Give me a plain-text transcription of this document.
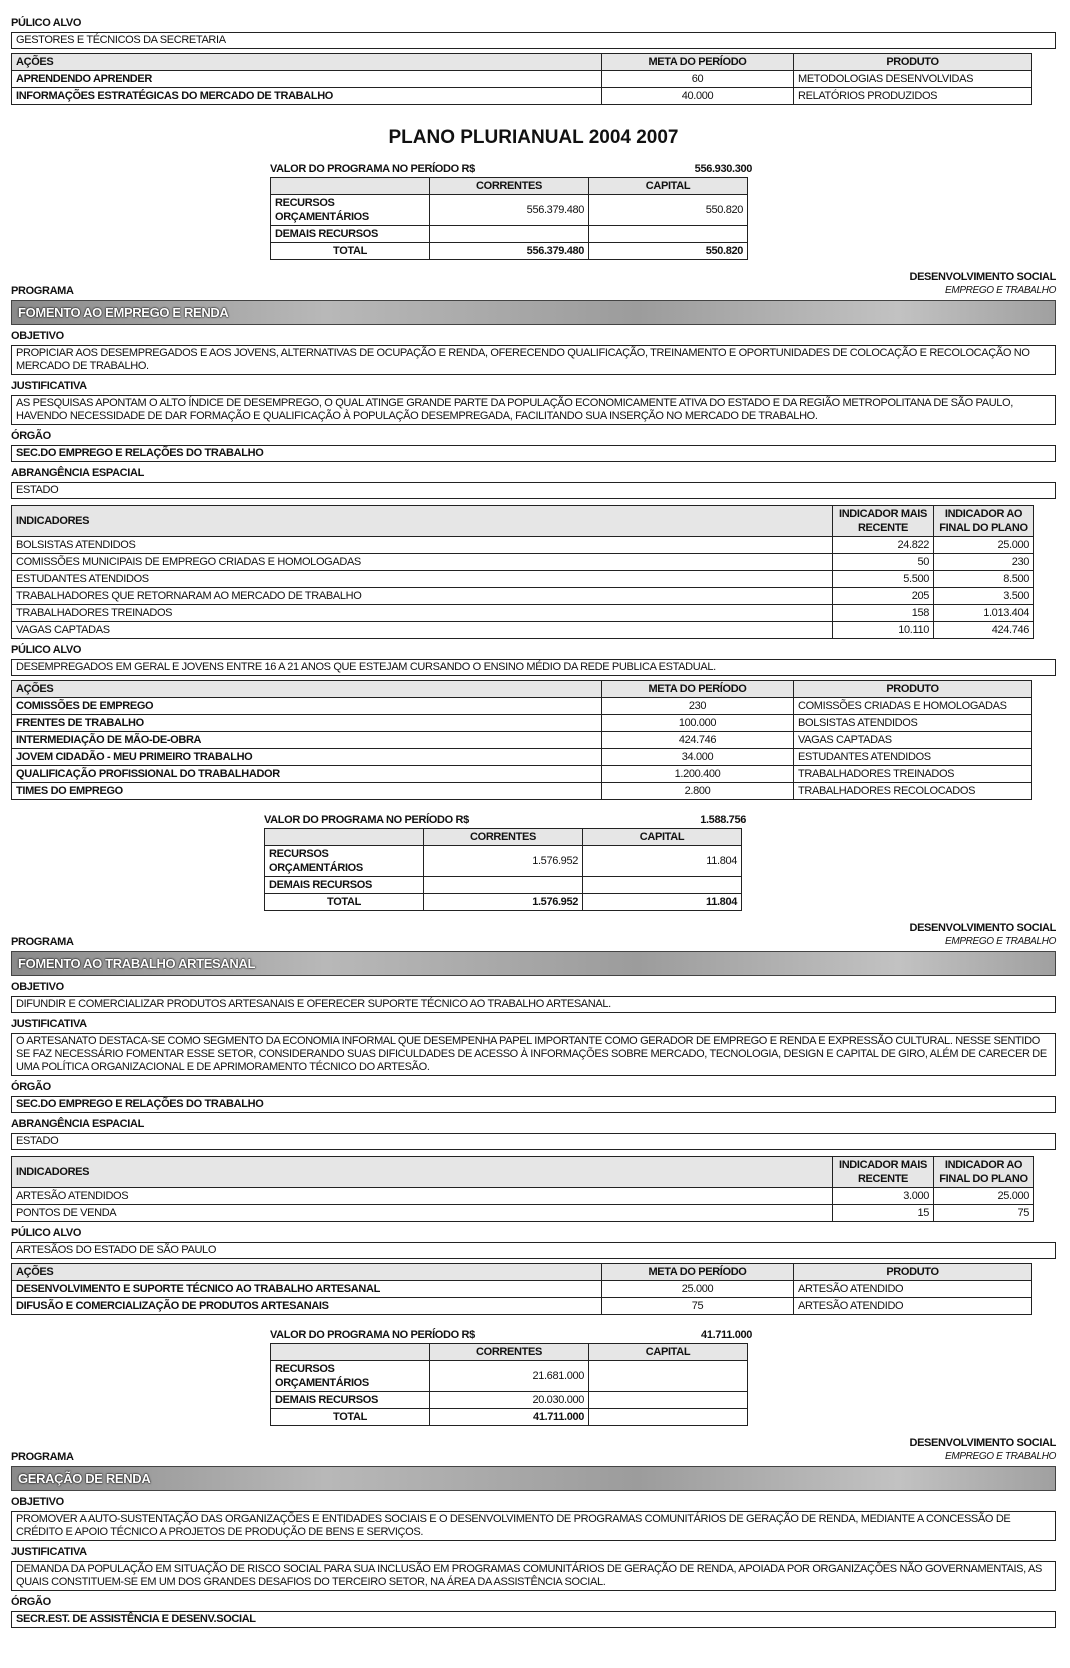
PÚLICO ALVO
GESTORES E TÉCNICOS DA SECRETARIA
AÇÕES	META DO PERÍODO	PRODUTO
APRENDENDO APRENDER	60	METODOLOGIAS DESENVOLVIDAS
INFORMAÇÕES ESTRATÉGICAS DO MERCADO DE TRABALHO	40.000	RELATÓRIOS PRODUZIDOS
PLANO PLURIANUAL 2004 2007
VALOR DO PROGRAMA NO PERÍODO R$	556.930.300
	CORRENTES	CAPITAL
RECURSOS ORÇAMENTÁRIOS	556.379.480	550.820
DEMAIS RECURSOS		
TOTAL	556.379.480	550.820
PROGRAMA
DESENVOLVIMENTO SOCIAL
EMPREGO E TRABALHO
FOMENTO AO EMPREGO E RENDA
OBJETIVO
PROPICIAR AOS DESEMPREGADOS E AOS JOVENS, ALTERNATIVAS DE OCUPAÇÃO E RENDA, OFERECENDO QUALIFICAÇÃO, TREINAMENTO E OPORTUNIDADES DE COLOCAÇÃO E RECOLOCAÇÃO NO MERCADO DE TRABALHO.
JUSTIFICATIVA
AS PESQUISAS APONTAM O ALTO ÍNDICE DE DESEMPREGO, O QUAL ATINGE GRANDE PARTE DA POPULAÇÃO ECONOMICAMENTE ATIVA DO ESTADO E DA REGIÃO METROPOLITANA DE SÃO PAULO, HAVENDO NECESSIDADE DE DAR FORMAÇÃO E QUALIFICAÇÃO À POPULAÇÃO DESEMPREGADA, FACILITANDO SUA INSERÇÃO NO MERCADO DE TRABALHO.
ÓRGÃO
SEC.DO EMPREGO E RELAÇÕES DO TRABALHO
ABRANGÊNCIA ESPACIAL
ESTADO
INDICADORES	INDICADOR MAIS RECENTE	INDICADOR AO FINAL DO PLANO
BOLSISTAS ATENDIDOS	24.822	25.000
COMISSÕES MUNICIPAIS DE EMPREGO CRIADAS E HOMOLOGADAS	50	230
ESTUDANTES ATENDIDOS	5.500	8.500
TRABALHADORES QUE RETORNARAM AO MERCADO DE TRABALHO	205	3.500
TRABALHADORES TREINADOS	158	1.013.404
VAGAS CAPTADAS	10.110	424.746
PÚLICO ALVO
DESEMPREGADOS EM GERAL E JOVENS ENTRE 16 A 21 ANOS QUE ESTEJAM CURSANDO O ENSINO MÉDIO DA REDE PUBLICA ESTADUAL.
AÇÕES	META DO PERÍODO	PRODUTO
COMISSÕES DE EMPREGO	230	COMISSÕES CRIADAS E HOMOLOGADAS
FRENTES DE TRABALHO	100.000	BOLSISTAS ATENDIDOS
INTERMEDIAÇÃO DE MÃO-DE-OBRA	424.746	VAGAS CAPTADAS
JOVEM CIDADÃO - MEU PRIMEIRO TRABALHO	34.000	ESTUDANTES ATENDIDOS
QUALIFICAÇÃO PROFISSIONAL DO TRABALHADOR	1.200.400	TRABALHADORES TREINADOS
TIMES DO EMPREGO	2.800	TRABALHADORES RECOLOCADOS
VALOR DO PROGRAMA NO PERÍODO R$	1.588.756
	CORRENTES	CAPITAL
RECURSOS ORÇAMENTÁRIOS	1.576.952	11.804
DEMAIS RECURSOS		
TOTAL	1.576.952	11.804
PROGRAMA
DESENVOLVIMENTO SOCIAL
EMPREGO E TRABALHO
FOMENTO AO TRABALHO ARTESANAL
OBJETIVO
DIFUNDIR E COMERCIALIZAR PRODUTOS ARTESANAIS E OFERECER SUPORTE TÉCNICO AO TRABALHO ARTESANAL.
JUSTIFICATIVA
O ARTESANATO DESTACA-SE COMO SEGMENTO DA ECONOMIA INFORMAL QUE DESEMPENHA PAPEL IMPORTANTE COMO GERADOR DE EMPREGO E RENDA E EXPRESSÃO CULTURAL. NESSE SENTIDO SE FAZ NECESSÁRIO FOMENTAR ESSE SETOR, CONSIDERANDO SUAS DIFICULDADES DE ACESSO À INFORMAÇÕES SOBRE MERCADO, TECNOLOGIA, DESIGN E CAPITAL DE GIRO, ALÉM DE CARECER DE UMA POLÍTICA ORGANIZACIONAL E DE APRIMORAMENTO TÉCNICO DO ARTESÃO.
ÓRGÃO
SEC.DO EMPREGO E RELAÇÕES DO TRABALHO
ABRANGÊNCIA ESPACIAL
ESTADO
INDICADORES	INDICADOR MAIS RECENTE	INDICADOR AO FINAL DO PLANO
ARTESÃO ATENDIDOS	3.000	25.000
PONTOS DE VENDA	15	75
PÚLICO ALVO
ARTESÃOS DO ESTADO DE SÃO PAULO
AÇÕES	META DO PERÍODO	PRODUTO
DESENVOLVIMENTO E SUPORTE TÉCNICO AO TRABALHO ARTESANAL	25.000	ARTESÃO ATENDIDO
DIFUSÃO E COMERCIALIZAÇÃO DE PRODUTOS ARTESANAIS	75	ARTESÃO ATENDIDO
VALOR DO PROGRAMA NO PERÍODO R$	41.711.000
	CORRENTES	CAPITAL
RECURSOS ORÇAMENTÁRIOS	21.681.000	
DEMAIS RECURSOS	20.030.000	
TOTAL	41.711.000	
PROGRAMA
DESENVOLVIMENTO SOCIAL
EMPREGO E TRABALHO
GERAÇÃO DE RENDA
OBJETIVO
PROMOVER A AUTO-SUSTENTAÇÃO DAS ORGANIZAÇÕES E ENTIDADES SOCIAIS E O DESENVOLVIMENTO DE PROGRAMAS COMUNITÁRIOS DE GERAÇÃO DE RENDA, MEDIANTE A CONCESSÃO DE CRÉDITO E APOIO TÉCNICO A PROJETOS DE PRODUÇÃO DE BENS E SERVIÇOS.
JUSTIFICATIVA
DEMANDA DA POPULAÇÃO EM SITUAÇÃO DE RISCO SOCIAL PARA SUA INCLUSÃO EM PROGRAMAS COMUNITÁRIOS DE GERAÇÃO DE RENDA, APOIADA POR ORGANIZAÇÕES NÃO GOVERNAMENTAIS, AS QUAIS CONSTITUEM-SE EM UM DOS GRANDES DESAFIOS DO TERCEIRO SETOR, NA ÁREA DA ASSISTÊNCIA SOCIAL.
ÓRGÃO
SECR.EST. DE ASSISTÊNCIA E DESENV.SOCIAL
